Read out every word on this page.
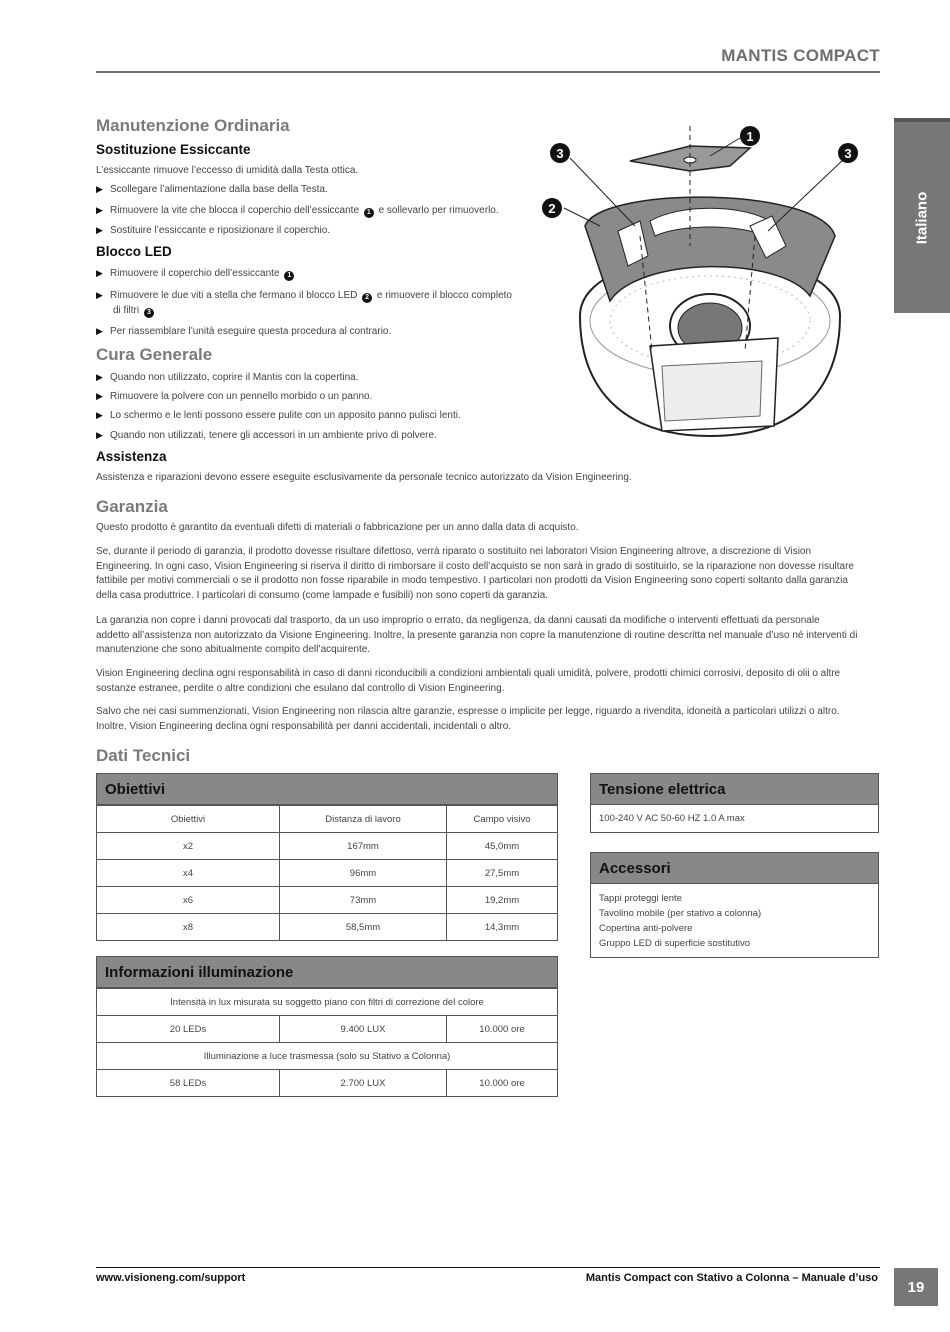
MANTIS COMPACT
Italiano
Manutenzione Ordinaria
Sostituzione Essiccante
L’essiccante rimuove l’eccesso di umidità dalla Testa ottica.
▶ Scollegare l’alimentazione dalla base della Testa.
▶ Rimuovere la vite che blocca il coperchio dell’essiccante 1 e sollevarlo per rimuoverlo.
▶ Sostituire l’essiccante e riposizionare il coperchio.
Blocco LED
▶ Rimuovere il coperchio dell’essiccante 1
▶ Rimuovere le due viti a stella che fermano il blocco LED 2 e rimuovere il blocco completo
di filtri 3
▶ Per riassemblare l’unità eseguire questa procedura al contrario.
Cura Generale
▶ Quando non utilizzato, coprire il Mantis con la copertina.
▶ Rimuovere la polvere con un pennello morbido o un panno.
▶ Lo schermo e le lenti possono essere pulite con un apposito panno pulisci lenti.
▶ Quando non utilizzati, tenere gli accessori in un ambiente privo di polvere.
Assistenza
Assistenza e riparazioni devono essere eseguite esclusivamente da personale tecnico autorizzato da Vision Engineering.
1
2
3	3
Garanzia
Questo prodotto è garantito da eventuali difetti di materiali o fabbricazione per un anno dalla data di acquisto.
Se, durante il periodo di garanzia, il prodotto dovesse risultare difettoso, verrà riparato o sostituito nei laboratori Vision Engineering altrove, a discrezione di Vision
Engineering. In ogni caso, Vision Engineering si riserva il diritto di rimborsare il costo dell’acquisto se non sarà in grado di sostituirlo, se la riparazione non dovesse risultare
fattibile per motivi commerciali o se il prodotto non fosse riparabile in modo tempestivo. I particolari non prodotti da Vision Engineering sono coperti soltanto dalla garanzia
della casa produttrice. I particolari di consumo (come lampade e fusibili) non sono coperti da garanzia.
La garanzia non copre i danni provocati dal trasporto, da un uso improprio o errato, da negligenza, da danni causati da modifiche o interventi effettuati da personale
addetto all’assistenza non autorizzato da Visione Engineering. Inoltre, la presente garanzia non copre la manutenzione di routine descritta nel manuale d’uso né interventi di
manutenzione che sono abitualmente compito dell’acquirente.
Vision Engineering declina ogni responsabilità in caso di danni riconducibili a condizioni ambientali quali umidità, polvere, prodotti chimici corrosivi, deposito di olii o altre
sostanze estranee, perdite o altre condizioni che esulano dal controllo di Vision Engineering.
Salvo che nei casi summenzionati, Vision Engineering non rilascia altre garanzie, espresse o implicite per legge, riguardo a rivendita, idoneità a particolari utilizzi o altro.
Inoltre, Vision Engineering declina ogni responsabilità per danni accidentali, incidentali o altro.
Dati Tecnici
Obiettivi
Obiettivi	Distanza di lavoro	Campo visivo
x2	167mm	45,0mm
x4	96mm	27,5mm
x6	73mm	19,2mm
x8	58,5mm	14,3mm
Informazioni illuminazione
Intensità in lux misurata su soggetto piano con filtri di correzione del colore
20 LEDs	9.400 LUX	10.000 ore
Illuminazione a luce trasmessa (solo su Stativo a Colonna)
58 LEDs	2.700 LUX	10.000 ore
Tensione elettrica
100-240 V AC 50-60 HZ 1.0 A max
Accessori
Tappi proteggi lente
Tavolino mobile (per stativo a colonna)
Copertina anti-polvere
Gruppo LED di superficie sostitutivo
www.visioneng.com/support	Mantis Compact con Stativo a Colonna – Manuale d’uso
19
